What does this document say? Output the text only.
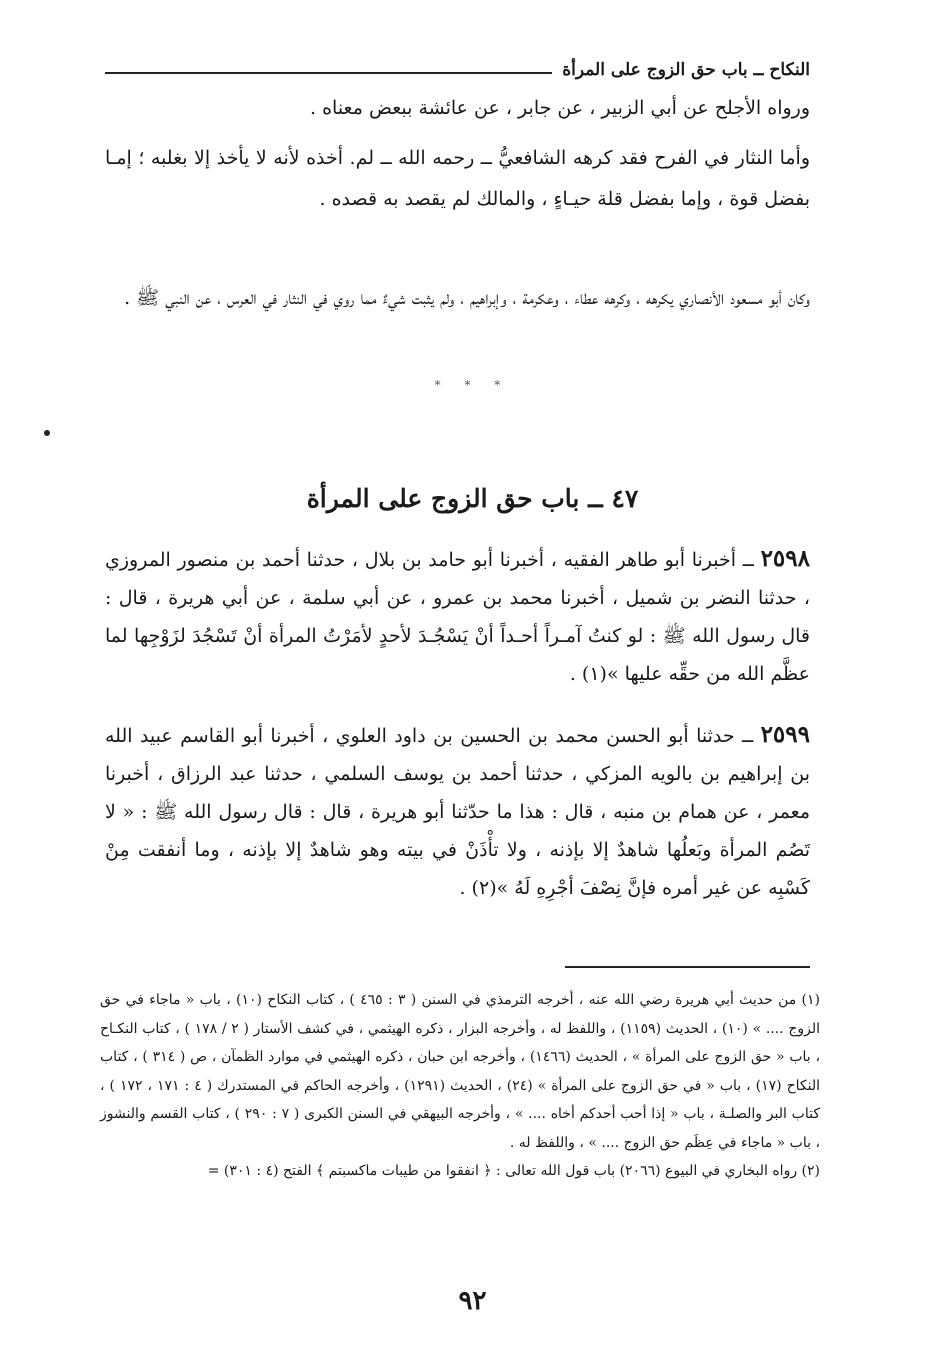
النكاح ــ باب حق الزوج على المرأة

ورواه الأجلح عن أبي الزبير ، عن جابر ، عن عائشة ببعض معناه .

وأما النثار في الفرح فقد كرهه الشافعيُّ ــ رحمه الله ــ لم. أخذه لأنه لا يأخذ إلا بغلبه ؛ إمـا بفضل قوة ، وإما بفضل قلة حيـاءٍ ، والمالك لم يقصد به قصده .

وكان أبو مسعود الأنصاري يكرهه ، وكرهه عطاء ، وعكرمة ، وإبراهيم ، ولم يثبت شيءٌ مما روي في النثار في العرس ، عن النبي ﷺ .

* * *
٤٧ ــ باب حق الزوج على المرأة

٢٥٩٨ ــ أخبرنا أبو طاهر الفقيه ، أخبرنا أبو حامد بن بلال ، حدثنا أحمد بن منصور المروزي ، حدثنا النضر بن شميل ، أخبرنا محمد بن عمرو ، عن أبي سلمة ، عن أبي هريرة ، قال : قال رسول الله ﷺ : لو كنتُ آمـراً أحـداً أنْ يَسْجُـدَ لأحدٍ لأمَرْتُ المرأة أنْ تَسْجُدَ لزَوْجِها لما عظَّم الله من حقِّه عليها »(١) .

٢٥٩٩ ــ حدثنا أبو الحسن محمد بن الحسين بن داود العلوي ، أخبرنا أبو القاسم عبيد الله بن إبراهيم بن بالويه المزكي ، حدثنا أحمد بن يوسف السلمي ، حدثنا عبد الرزاق ، أخبرنا معمر ، عن همام بن منبه ، قال : هذا ما حدّثنا أبو هريرة ، قال : قال رسول الله ﷺ : « لا تَصُم المرأة وبَعلُها شاهدٌ إلا بإذنه ، ولا تأْذَنْ في بيته وهو شاهدٌ إلا بإذنه ، وما أنفقت مِنْ كَسْبِه عن غير أمره فإنَّ نِصْفَ أجْرِهِ لَهُ »(٢) .

(١) من حديث أبي هريرة رضي الله عنه ، أخرجه الترمذي في السنن ( ٣ : ٤٦٥ ) ، كتاب النكاح (١٠) ، باب « ماجاء في حق الزوج .... » (١٠) ، الحديث (١١٥٩) ، واللفظ له ، وأخرجه البزار ، ذكره الهيثمي ، في كشف الأستار ( ٢ / ١٧٨ ) ، كتاب النكـاح ، باب « حق الزوج على المرأة » ، الحديث (١٤٦٦) ، وأخرجه ابن حبان ، ذكره الهيثمي في موارد الظمآن ، ص ( ٣١٤ ) ، كتاب النكاح (١٧) ، باب « في حق الزوج على المرأة » (٢٤) ، الحديث (١٢٩١) ، وأخرجه الحاكم في المستدرك ( ٤ : ١٧١ ، ١٧٢ ) ، كتاب البر والصلـة ، باب « إذا أحب أحدكم أخاه .... » ، وأخرجه البيهقي في السنن الكبرى ( ٧ : ٢٩٠ ) ، كتاب القسم والنشوز ، باب « ماجاء في عِظَم حق الزوج .... » ، واللفظ له .

(٢) رواه البخاري في البيوع (٢٠٦٦) باب قول الله تعالى : ﴿ انفقوا من طيبات ماكسبتم ﴾ الفتح (٤ : ٣٠١) =

٩٢
